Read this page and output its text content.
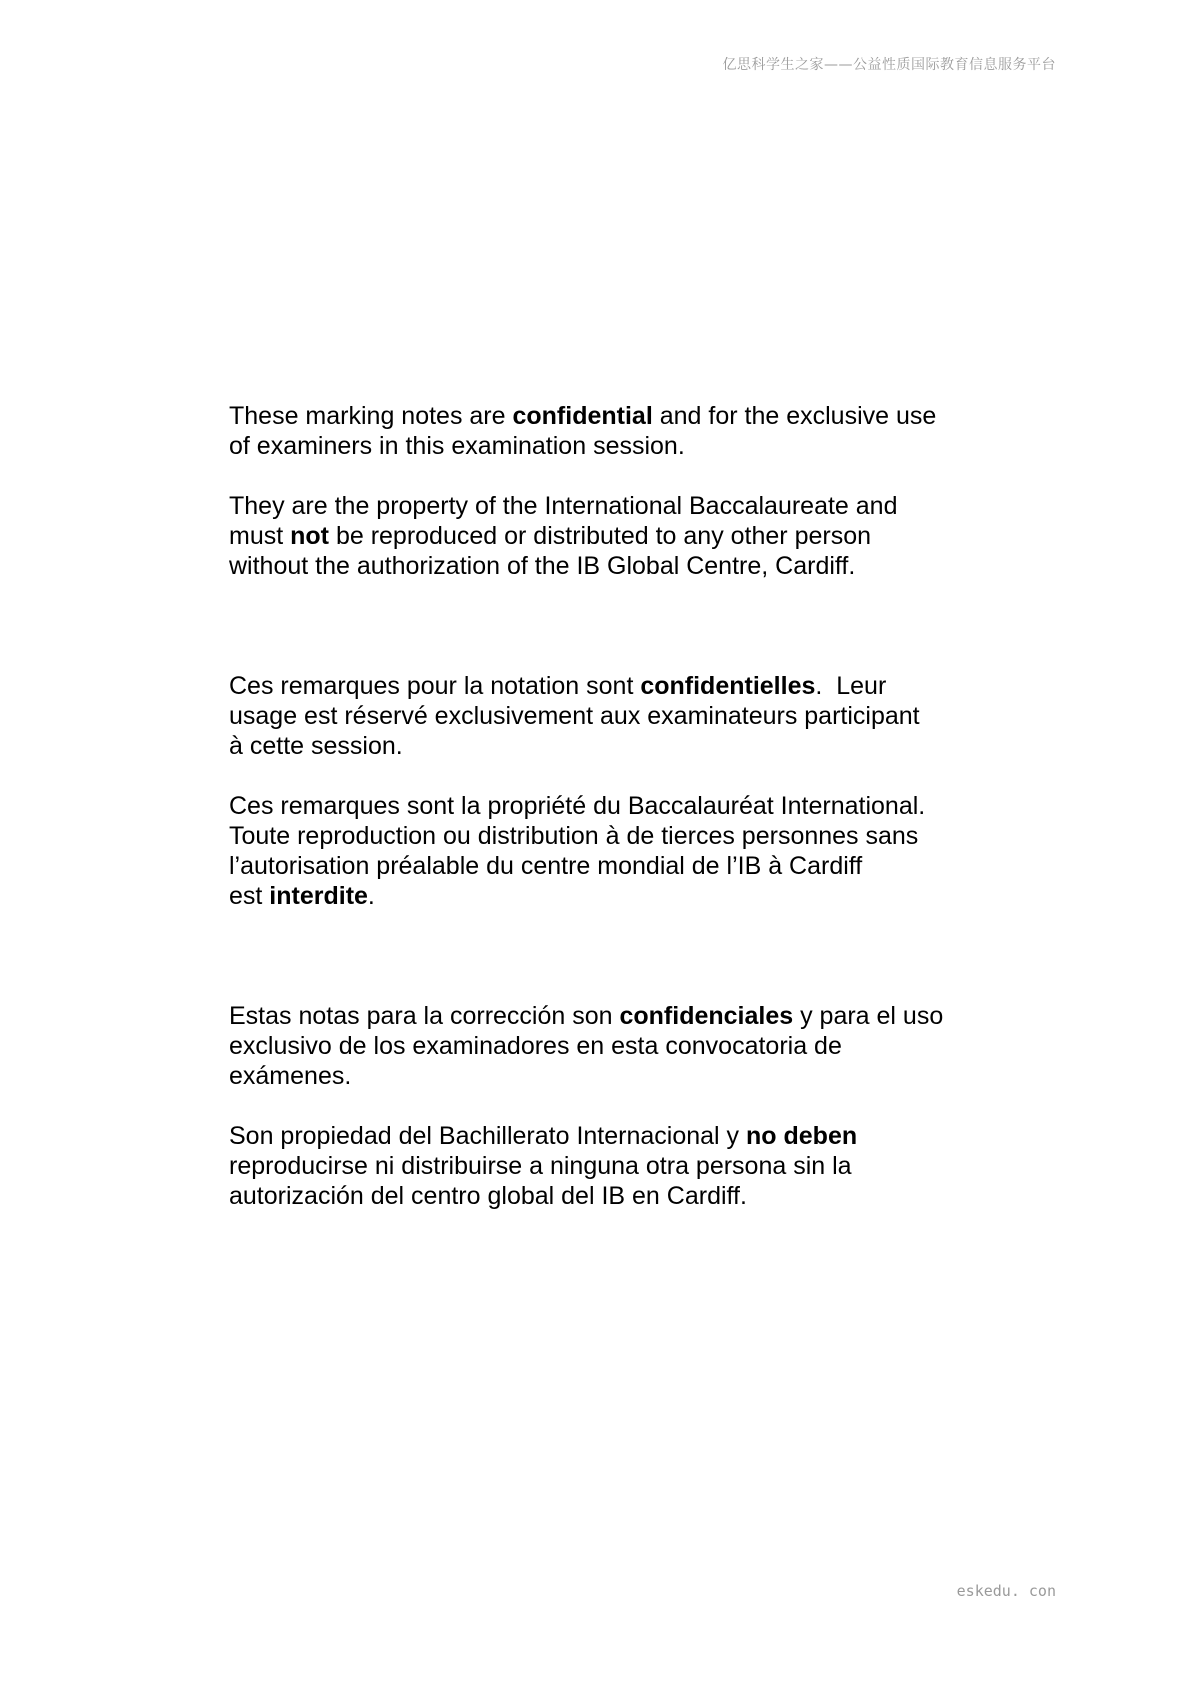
亿思科学生之家——公益性质国际教育信息服务平台
These marking notes are confidential and for the exclusive use
of examiners in this examination session.
They are the property of the International Baccalaureate and
must not be reproduced or distributed to any other person
without the authorization of the IB Global Centre, Cardiff.
Ces remarques pour la notation sont confidentielles.  Leur
usage est réservé exclusivement aux examinateurs participant
à cette session.
Ces remarques sont la propriété du Baccalauréat International.
Toute reproduction ou distribution à de tierces personnes sans
l’autorisation préalable du centre mondial de l’IB à Cardiff
est interdite.
Estas notas para la corrección son confidenciales y para el uso
exclusivo de los examinadores en esta convocatoria de
exámenes.
Son propiedad del Bachillerato Internacional y no deben
reproducirse ni distribuirse a ninguna otra persona sin la
autorización del centro global del IB en Cardiff.
eskedu. con
